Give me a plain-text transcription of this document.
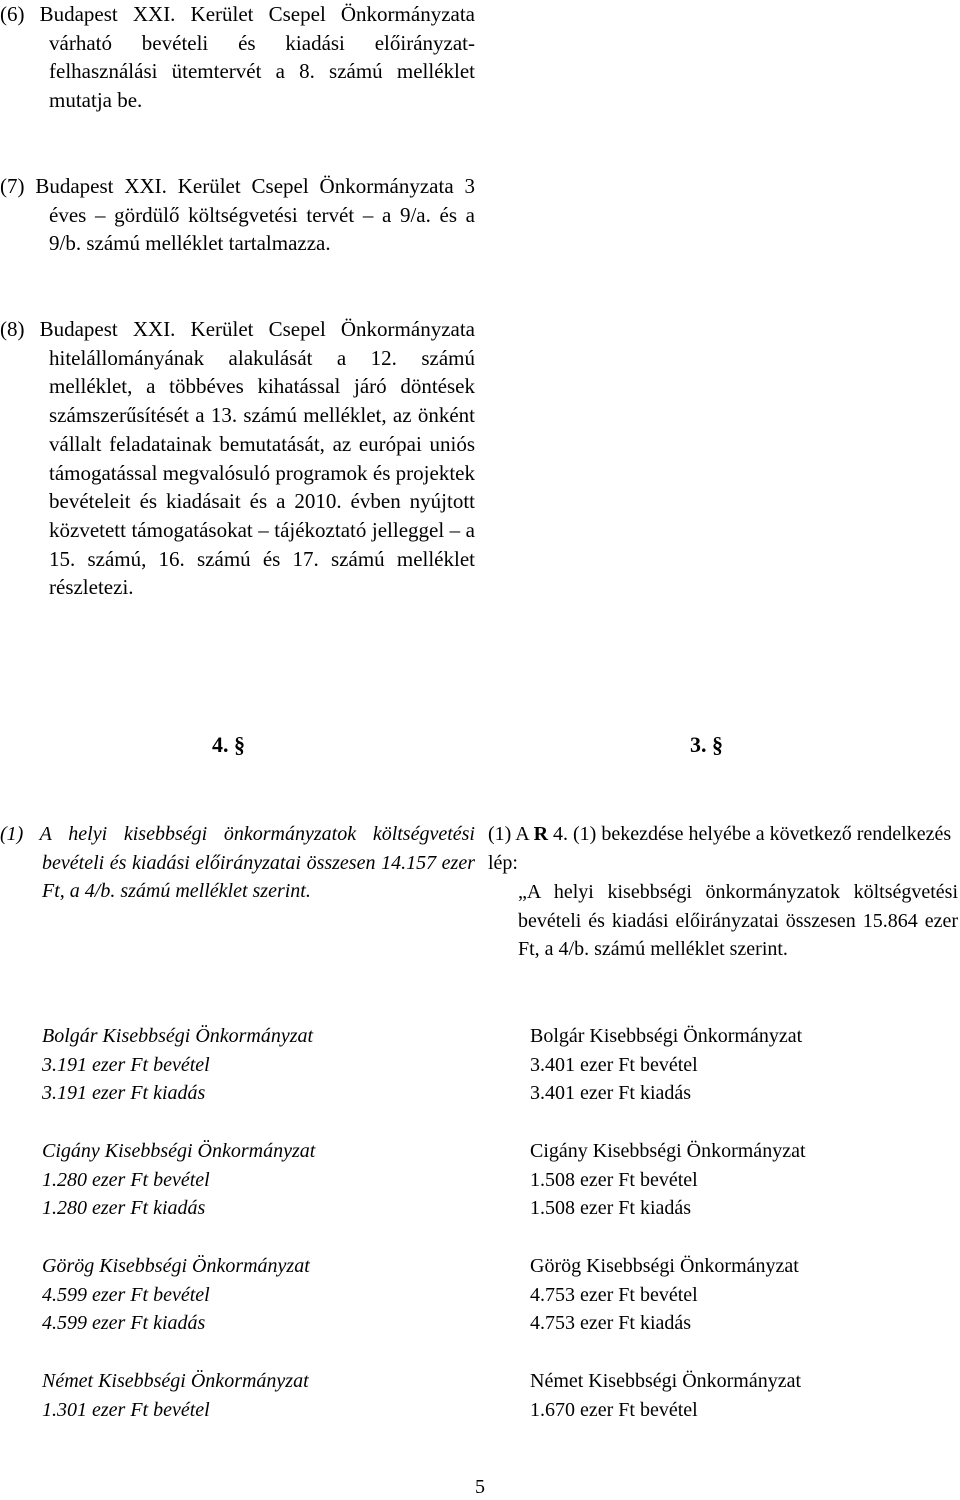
(6) Budapest XXI. Kerület Csepel Önkormányzata várható bevételi és kiadási előirányzat-felhasználási ütemtervét a 8. számú melléklet mutatja be.
(7) Budapest XXI. Kerület Csepel Önkormányzata 3 éves – gördülő költségvetési tervét – a 9/a. és a 9/b. számú melléklet tartalmazza.
(8) Budapest XXI. Kerület Csepel Önkormányzata hitelállományának alakulását a 12. számú melléklet, a többéves kihatással járó döntések számszerűsítését a 13. számú melléklet, az önként vállalt feladatainak bemutatását, az európai uniós támogatással megvalósuló programok és projektek bevételeit és kiadásait és a 2010. évben nyújtott közvetett támogatásokat – tájékoztató jelleggel – a 15. számú, 16. számú és 17. számú melléklet részletezi.
4. §	3. §
(1) A helyi kisebbségi önkormányzatok költségvetési bevételi és kiadási előirányzatai összesen 14.157 ezer Ft, a 4/b. számú melléklet szerint.
(1) A R 4. (1) bekezdése helyébe a következő rendelkezés lép:
„A helyi kisebbségi önkormányzatok költségvetési bevételi és kiadási előirányzatai összesen 15.864 ezer Ft, a 4/b. számú melléklet szerint.
Bolgár Kisebbségi Önkormányzat
3.191 ezer Ft bevétel
3.191 ezer Ft kiadás
Cigány Kisebbségi Önkormányzat
1.280 ezer Ft bevétel
1.280 ezer Ft kiadás
Görög Kisebbségi Önkormányzat
4.599 ezer Ft bevétel
4.599 ezer Ft kiadás
Német Kisebbségi Önkormányzat
1.301 ezer Ft bevétel
Bolgár Kisebbségi Önkormányzat
3.401 ezer Ft bevétel
3.401 ezer Ft kiadás
Cigány Kisebbségi Önkormányzat
1.508 ezer Ft bevétel
1.508 ezer Ft kiadás
Görög Kisebbségi Önkormányzat
4.753 ezer Ft bevétel
4.753 ezer Ft kiadás
Német Kisebbségi Önkormányzat
1.670 ezer Ft bevétel
5
